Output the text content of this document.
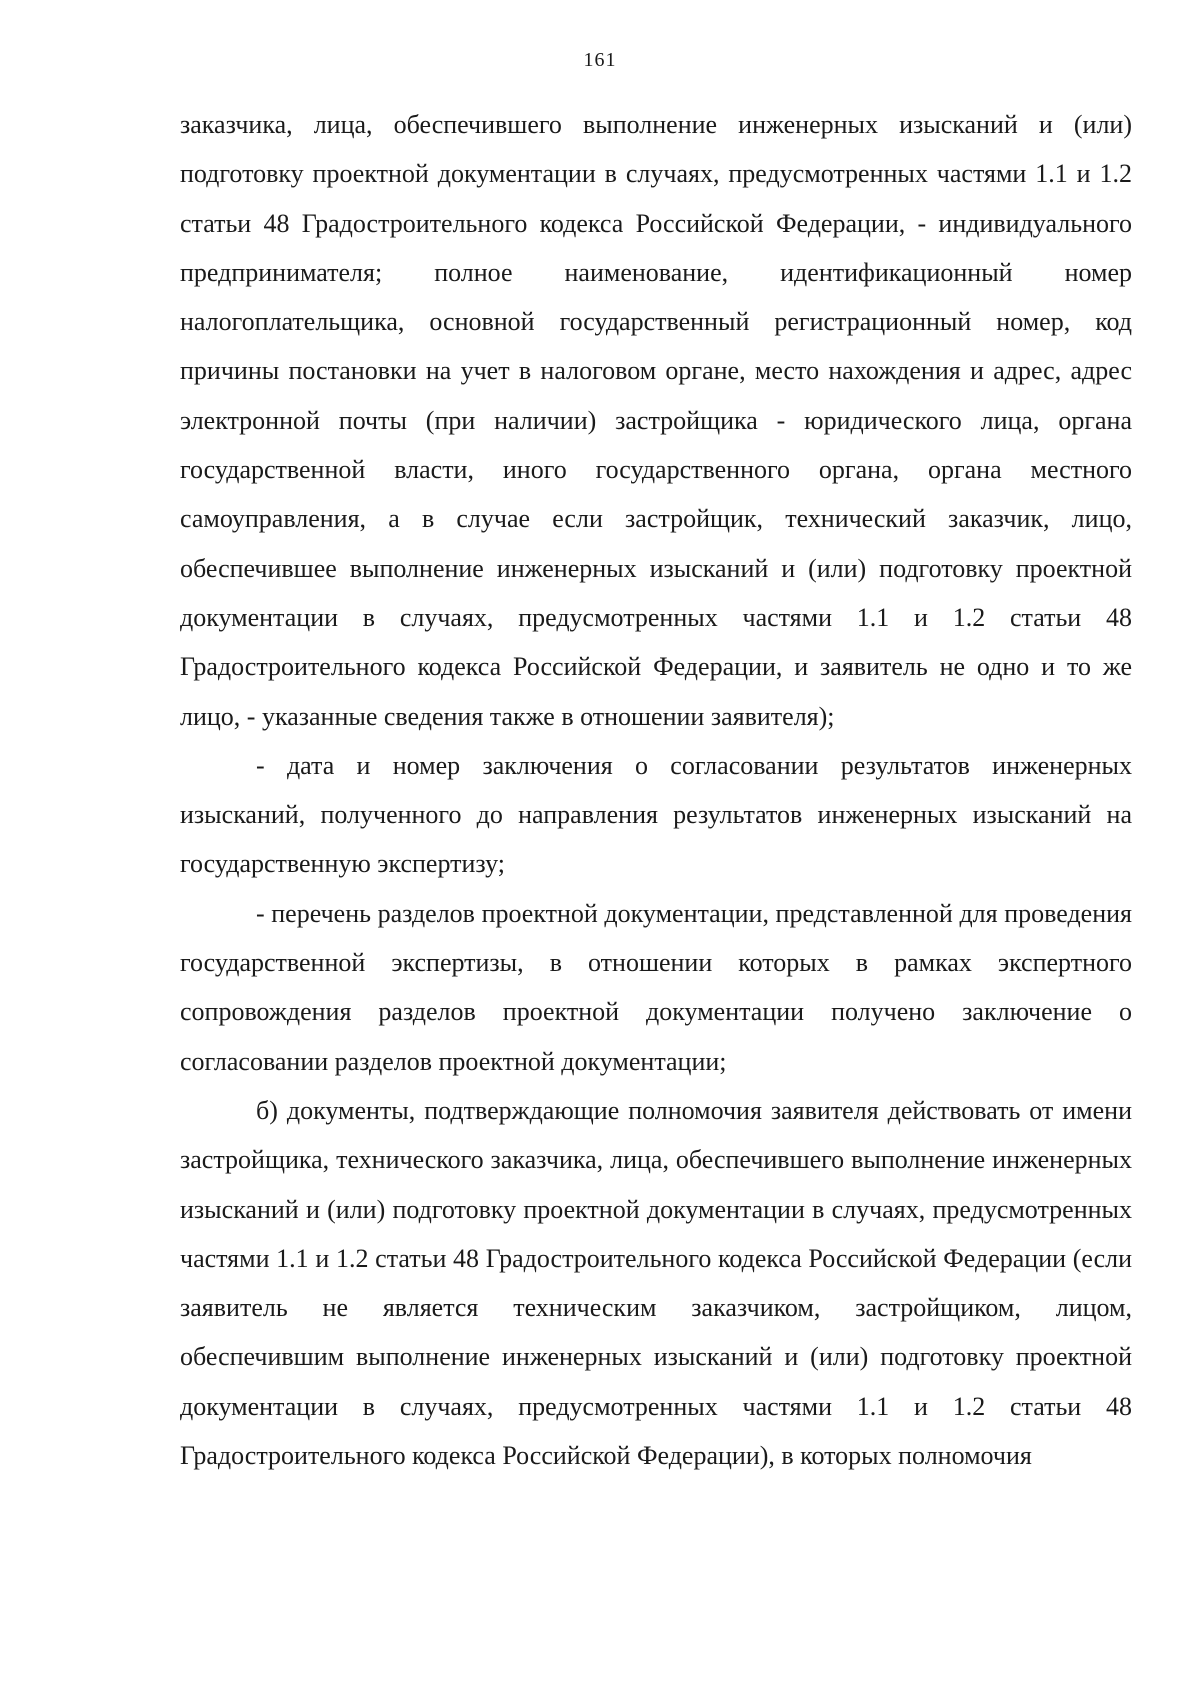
161

заказчика, лица, обеспечившего выполнение инженерных изысканий и (или) подготовку проектной документации в случаях, предусмотренных частями 1.1 и 1.2 статьи 48 Градостроительного кодекса Российской Федерации, - индивидуального предпринимателя; полное наименование, идентификационный номер налогоплательщика, основной государственный регистрационный номер, код причины постановки на учет в налоговом органе, место нахождения и адрес, адрес электронной почты (при наличии) застройщика - юридического лица, органа государственной власти, иного государственного органа, органа местного самоуправления, а в случае если застройщик, технический заказчик, лицо, обеспечившее выполнение инженерных изысканий и (или) подготовку проектной документации в случаях, предусмотренных частями 1.1 и 1.2 статьи 48 Градостроительного кодекса Российской Федерации, и заявитель не одно и то же лицо, - указанные сведения также в отношении заявителя);

- дата и номер заключения о согласовании результатов инженерных изысканий, полученного до направления результатов инженерных изысканий на государственную экспертизу;

- перечень разделов проектной документации, представленной для проведения государственной экспертизы, в отношении которых в рамках экспертного сопровождения разделов проектной документации получено заключение о согласовании разделов проектной документации;

б) документы, подтверждающие полномочия заявителя действовать от имени застройщика, технического заказчика, лица, обеспечившего выполнение инженерных изысканий и (или) подготовку проектной документации в случаях, предусмотренных частями 1.1 и 1.2 статьи 48 Градостроительного кодекса Российской Федерации (если заявитель не является техническим заказчиком, застройщиком, лицом, обеспечившим выполнение инженерных изысканий и (или) подготовку проектной документации в случаях, предусмотренных частями 1.1 и 1.2 статьи 48 Градостроительного кодекса Российской Федерации), в которых полномочия
